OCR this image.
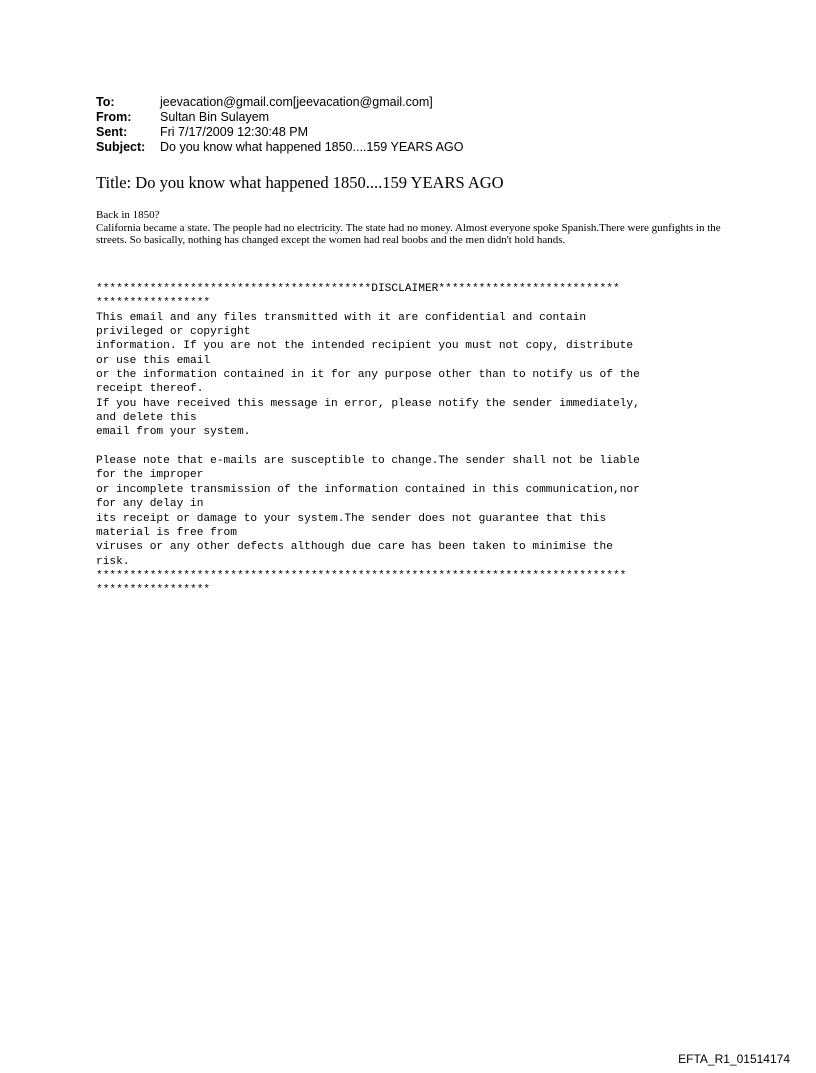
To:	jeevacation@gmail.com[jeevacation@gmail.com]
From:	Sultan Bin Sulayem
Sent:	Fri 7/17/2009 12:30:48 PM
Subject:	Do you know what happened 1850....159 YEARS AGO
Title: Do you know what happened 1850....159 YEARS AGO

Back in 1850?

California became a state. The people had no electricity. The state had no money. Almost everyone spoke Spanish.There were gunfights in the streets. So basically, nothing has changed except the women had real boobs and the men didn't hold hands.

*****************************************DISCLAIMER***************************
*****************
This email and any files transmitted with it are confidential and contain
privileged or copyright
information. If you are not the intended recipient you must not copy, distribute
or use this email
or the information contained in it for any purpose other than to notify us of the
receipt thereof.
If you have received this message in error, please notify the sender immediately,
and delete this
email from your system.
Please note that e-mails are susceptible to change.The sender shall not be liable
for the improper
or incomplete transmission of the information contained in this communication,nor
for any delay in
its receipt or damage to your system.The sender does not guarantee that this
material is free from
viruses or any other defects although due care has been taken to minimise the
risk.
*******************************************************************************
*****************
EFTA_R1_01514174
